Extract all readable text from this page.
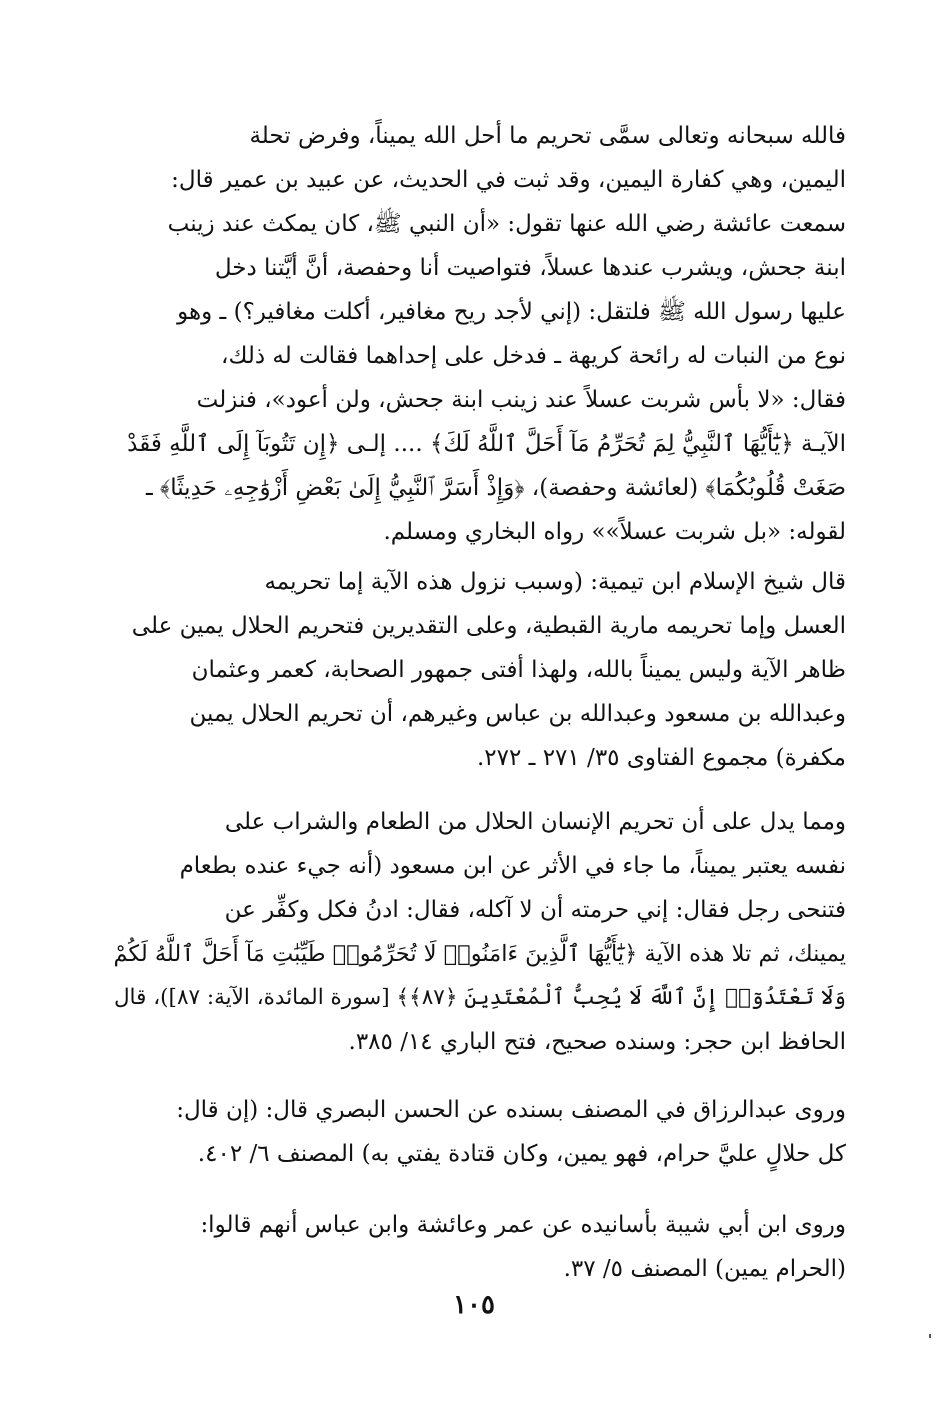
فالله سبحانه وتعالى سمَّى تحريم ما أحل الله يميناً، وفرض تحلة
اليمين، وهي كفارة اليمين، وقد ثبت في الحديث، عن عبيد بن عمير قال:
سمعت عائشة رضي الله عنها تقول: «أن النبي ﷺ، كان يمكث عند زينب
ابنة جحش، ويشرب عندها عسلاً، فتواصيت أنا وحفصة، أنَّ أيَّتنا دخل
عليها رسول الله ﷺ فلتقل: (إني لأجد ريح مغافير، أكلت مغافير؟) ـ وهو
نوع من النبات له رائحة كريهة ـ فدخل على إحداهما فقالت له ذلك،
فقال: «لا بأس شربت عسلاً عند زينب ابنة جحش، ولن أعود»، فنزلت
الآيـة ﴿يَٰٓأَيُّهَا ٱلنَّبِيُّ لِمَ تُحَرِّمُ مَآ أَحَلَّ ٱللَّهُ لَكَ﴾ .... إلـى ﴿إِن تَتُوبَآ إِلَى ٱللَّهِ فَقَدْ
صَغَتْ قُلُوبُكُمَا﴾ (لعائشة وحفصة)، ﴿وَإِذْ أَسَرَّ ٱلنَّبِيُّ إِلَىٰ بَعْضِ أَزْوَٰجِهِۦ حَدِيثًا﴾ ـ
لقوله: «بل شربت عسلاً»» رواه البخاري ومسلم.
قال شيخ الإسلام ابن تيمية: (وسبب نزول هذه الآية إما تحريمه
العسل وإما تحريمه مارية القبطية، وعلى التقديرين فتحريم الحلال يمين على
ظاهر الآية وليس يميناً بالله، ولهذا أفتى جمهور الصحابة، كعمر وعثمان
وعبدالله بن مسعود وعبدالله بن عباس وغيرهم، أن تحريم الحلال يمين
مكفرة) مجموع الفتاوى ٣٥/ ٢٧١ ـ ٢٧٢.
ومما يدل على أن تحريم الإنسان الحلال من الطعام والشراب على
نفسه يعتبر يميناً، ما جاء في الأثر عن ابن مسعود (أنه جيء عنده بطعام
فتنحى رجل فقال: إني حرمته أن لا آكله، فقال: ادنُ فكل وكفِّر عن
يمينك، ثم تلا هذه الآية ﴿يَٰٓأَيُّهَا ٱلَّذِينَ ءَامَنُوا۟ لَا تُحَرِّمُوا۟ طَيِّبَٰتِ مَآ أَحَلَّ ٱللَّهُ لَكُمْ
وَلَا تَعْتَدُوٓا۟ إِنَّ ٱللَّهَ لَا يُحِبُّ ٱلْمُعْتَدِينَ ﴿٨٧﴾﴾ [سورة المائدة، الآية: ٨٧])، قال
الحافظ ابن حجر: وسنده صحيح، فتح الباري ١٤/ ٣٨٥.
وروى عبدالرزاق في المصنف بسنده عن الحسن البصري قال: (إن قال:
كل حلالٍ عليَّ حرام، فهو يمين، وكان قتادة يفتي به) المصنف ٦/ ٤٠٢.
وروى ابن أبي شيبة بأسانيده عن عمر وعائشة وابن عباس أنهم قالوا:
(الحرام يمين) المصنف ٥/ ٣٧.
١٠٥
